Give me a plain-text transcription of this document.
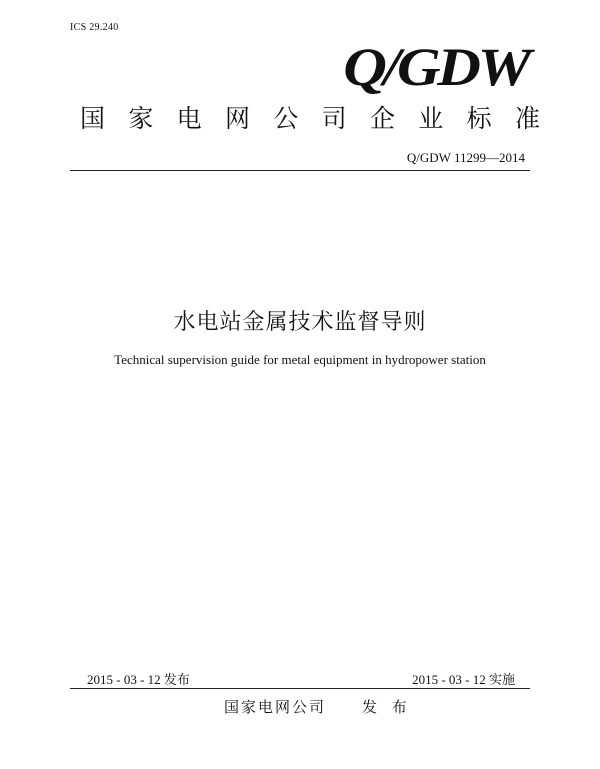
ICS 29.240
Q/GDW
国 家 电 网 公 司 企 业 标 准
Q/GDW 11299—2014
水电站金属技术监督导则
Technical supervision guide for metal equipment in hydropower station
2015 - 03 - 12 发布	2015 - 03 - 12 实施
国家电网公司 发 布
